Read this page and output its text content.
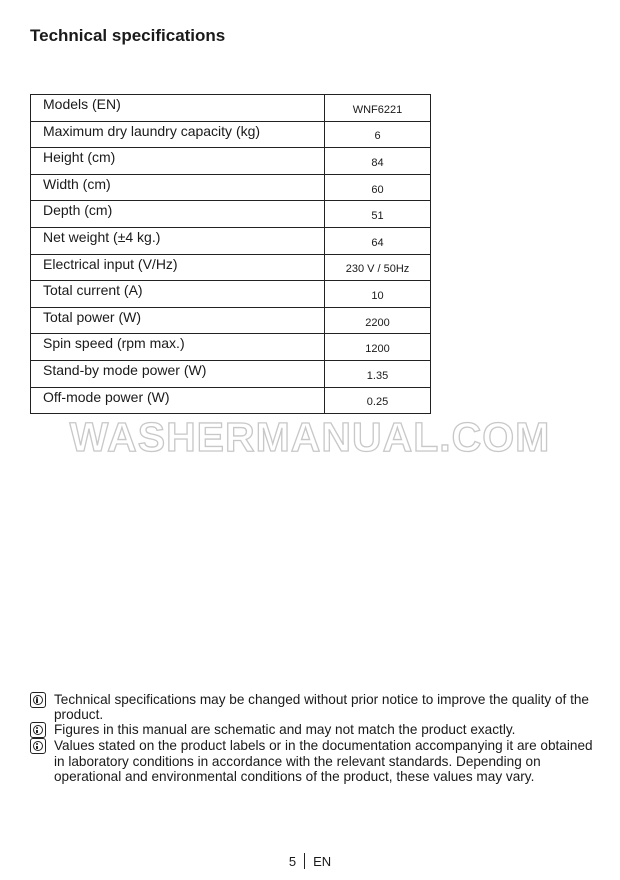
Technical specifications
Models (EN)	WNF6221
Maximum dry laundry capacity (kg)	6
Height (cm)	84
Width (cm)	60
Depth (cm)	51
Net weight (±4 kg.)	64
Electrical input (V/Hz)	230 V / 50Hz
Total current (A)	10
Total power (W)	2200
Spin speed (rpm max.)	1200
Stand-by mode power (W)	1.35
Off-mode power (W)	0.25
WASHERMANUAL.COM
Technical specifications may be changed without prior notice to improve the quality of the product.
Figures in this manual are schematic and may not match the product exactly.
Values stated on the product labels or in the documentation accompanying it are obtained in laboratory conditions in accordance with the relevant standards. Depending on operational and environmental conditions of the product, these values may vary.
5 EN
